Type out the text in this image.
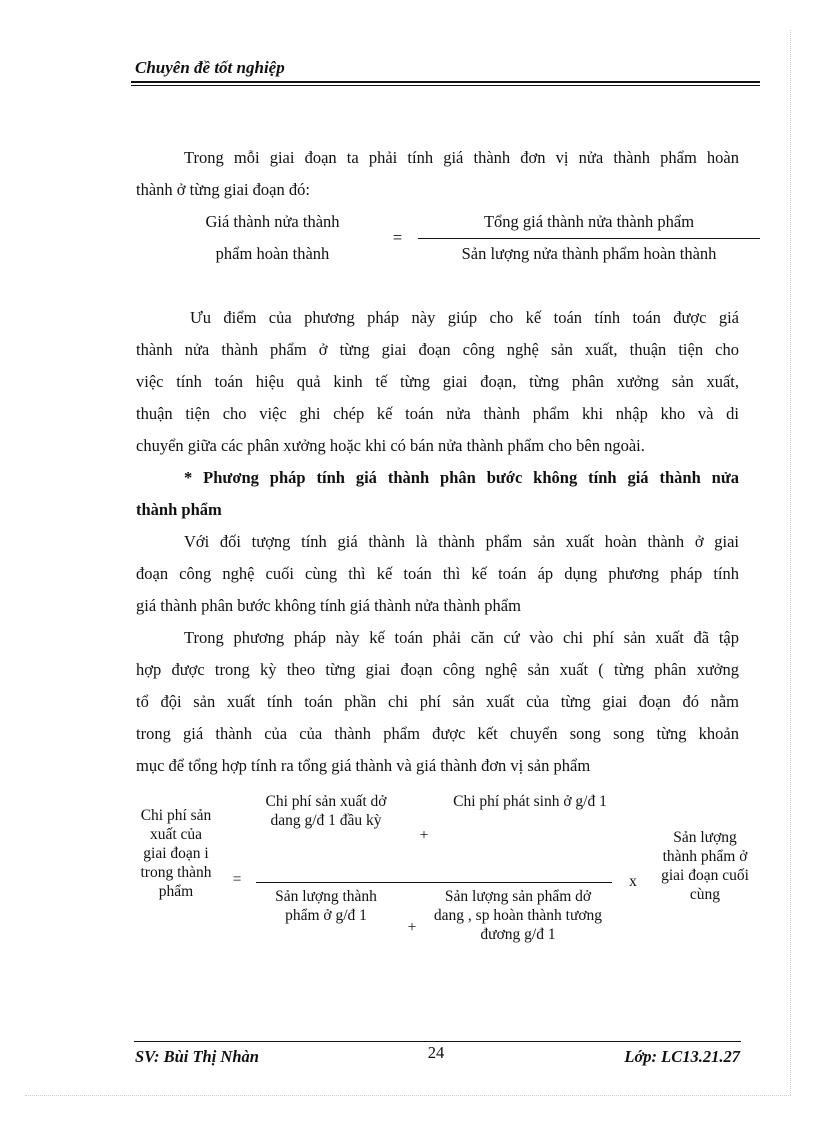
Chuyên đề tốt nghiệp
Trong mỗi giai đoạn ta phải tính giá thành đơn vị nửa thành phẩm hoàn
thành ở từng giai đoạn đó:
Giá thành nửa thành
phẩm hoàn thành
=
Tổng giá thành nửa thành phẩm
Sản lượng nửa thành phẩm hoàn thành
Ưu điểm của phương pháp này giúp cho kế toán tính toán được giá
thành nửa thành phẩm ở từng giai đoạn công nghệ sản xuất, thuận tiện cho
việc tính toán hiệu quả kinh tế từng giai đoạn, từng phân xưởng sản xuất,
thuận tiện cho việc ghi chép kế toán nửa thành phẩm khi nhập kho và di
chuyển giữa các phân xưởng hoặc khi có bán nửa thành phẩm cho bên ngoài.
* Phương pháp tính giá thành phân bước không tính giá thành nửa
thành phẩm
Với đối tượng tính giá thành là thành phẩm sản xuất hoàn thành ở giai
đoạn công nghệ cuối cùng thì kế toán thì kế toán áp dụng phương pháp tính
giá thành phân bước không tính giá thành nửa thành phẩm
Trong phương pháp này kế toán phải căn cứ vào chi phí sản xuất đã tập
hợp được trong kỳ theo từng giai đoạn công nghệ sản xuất ( từng phân xưởng
tổ đội sản xuất tính toán phần chi phí sản xuất của từng giai đoạn đó nằm
trong giá thành của của thành phẩm được kết chuyển song song từng khoản
mục để tổng hợp tính ra tổng giá thành và giá thành đơn vị sản phẩm
Chi phí sản xuất của giai đoạn i trong thành phẩm
=
Chi phí sản xuất dở dang g/đ 1 đầu kỳ
+
Chi phí phát sinh ở g/đ 1
Sản lượng thành phẩm ở g/đ 1
+
Sản lượng sản phẩm dở dang , sp hoàn thành tương đương g/đ 1
x
Sản lượng thành phẩm ở giai đoạn cuối cùng
SV: Bùi Thị Nhàn	24	Lớp: LC13.21.27
